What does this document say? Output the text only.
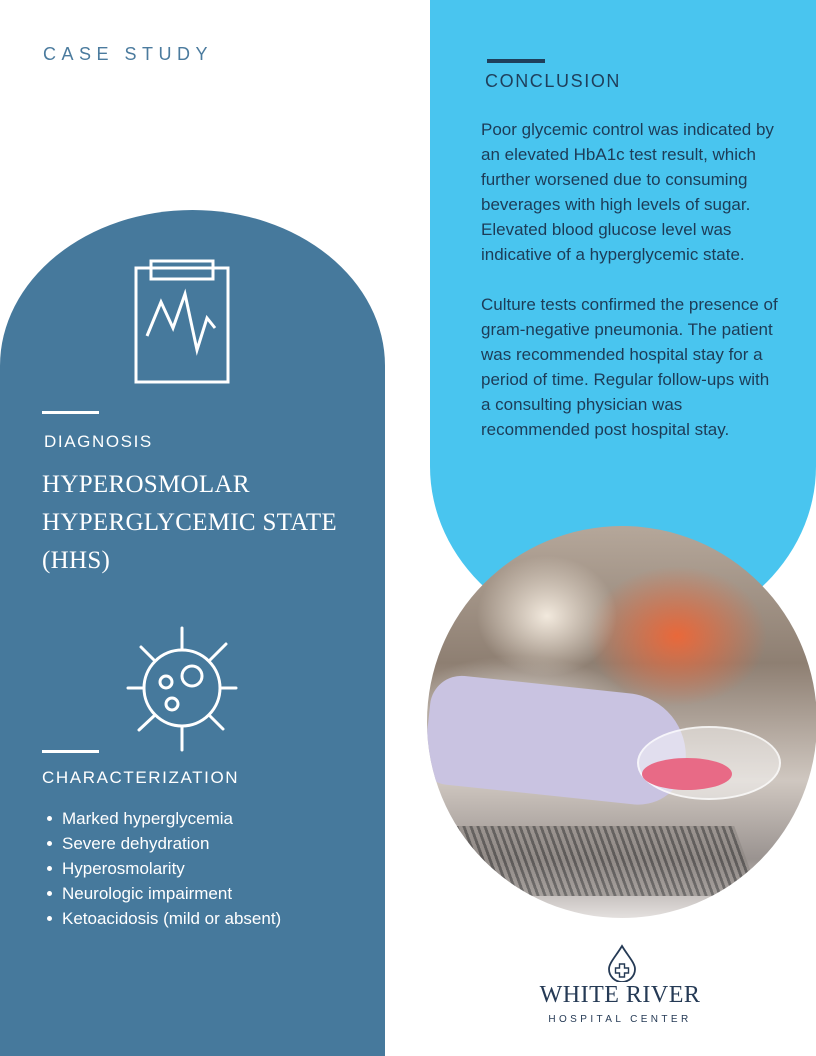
CASE STUDY
DIAGNOSIS
HYPEROSMOLAR HYPERGLYCEMIC STATE (HHS)
CHARACTERIZATION
Marked hyperglycemia
Severe dehydration
Hyperosmolarity
Neurologic impairment
Ketoacidosis (mild or absent)
CONCLUSION

Poor glycemic control was indicated by an elevated HbA1c test result, which further worsened due to consuming beverages with high levels of sugar. Elevated blood glucose level was indicative of a hyperglycemic state.

Culture tests confirmed the presence of gram-negative pneumonia. The patient was recommended hospital stay for a period of time. Regular follow-ups with a consulting physician was recommended post hospital stay.

WHITE RIVER
HOSPITAL CENTER
